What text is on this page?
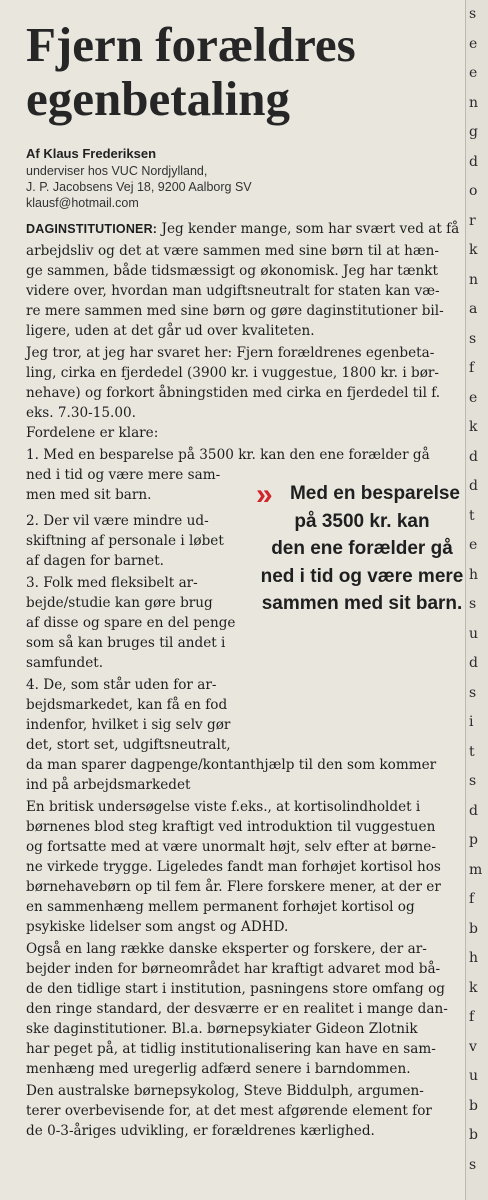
s
e
e
n
g
d
o
r
k
n
a
s
f
e
k
d
d
t
e
h
s
u
d
s
i
t
s
d
p
m
f
b
h
k
f
v
u
b
b
s
Fjern forældres
egenbetaling
Af Klaus Frederiksen
underviser hos VUC Nordjylland,
J. P. Jacobsens Vej 18, 9200 Aalborg SV
klausf@hotmail.com
DAGINSTITUTIONER: Jeg kender mange, som har svært ved at få
arbejdsliv og det at være sammen med sine børn til at hæn-
ge sammen, både tidsmæssigt og økonomisk. Jeg har tænkt
videre over, hvordan man udgiftsneutralt for staten kan væ-
re mere sammen med sine børn og gøre daginstitutioner bil-
ligere, uden at det går ud over kvaliteten.
Jeg tror, at jeg har svaret her: Fjern forældrenes egenbeta-
ling, cirka en fjerdedel (3900 kr. i vuggestue, 1800 kr. i bør-
nehave) og forkort åbningstiden med cirka en fjerdedel til f.
eks. 7.30-15.00.
Fordelene er klare:
1. Med en besparelse på 3500 kr. kan den ene forælder gå
ned i tid og være mere sam-
men med sit barn.
2. Der vil være mindre ud-
skiftning af personale i løbet
af dagen for barnet.
3. Folk med fleksibelt ar-
bejde/studie kan gøre brug
af disse og spare en del penge
som så kan bruges til andet i
samfundet.
4. De, som står uden for ar-
bejdsmarkedet, kan få en fod
indenfor, hvilket i sig selv gør
det, stort set, udgiftsneutralt,
da man sparer dagpenge/kontanthjælp til den som kommer
ind på arbejdsmarkedet
En britisk undersøgelse viste f.eks., at kortisolindholdet i
børnenes blod steg kraftigt ved introduktion til vuggestuen
og fortsatte med at være unormalt højt, selv efter at børne-
ne virkede trygge. Ligeledes fandt man forhøjet kortisol hos
børnehavebørn op til fem år. Flere forskere mener, at der er
en sammenhæng mellem permanent forhøjet kortisol og
psykiske lidelser som angst og ADHD.
Også en lang række danske eksperter og forskere, der ar-
bejder inden for børneområdet har kraftigt advaret mod bå-
de den tidlige start i institution, pasningens store omfang og
den ringe standard, der desværre er en realitet i mange dan-
ske daginstitutioner. Bl.a. børnepsykiater Gideon Zlotnik
har peget på, at tidlig institutionalisering kan have en sam-
menhæng med uregerlig adfærd senere i barndommen.
Den australske børnepsykolog, Steve Biddulph, argumen-
terer overbevisende for, at det mest afgørende element for
de 0-3-åriges udvikling, er forældrenes kærlighed.
» Med en besparelse
på 3500 kr. kan
den ene forælder gå
ned i tid og være mere
sammen med sit barn.
